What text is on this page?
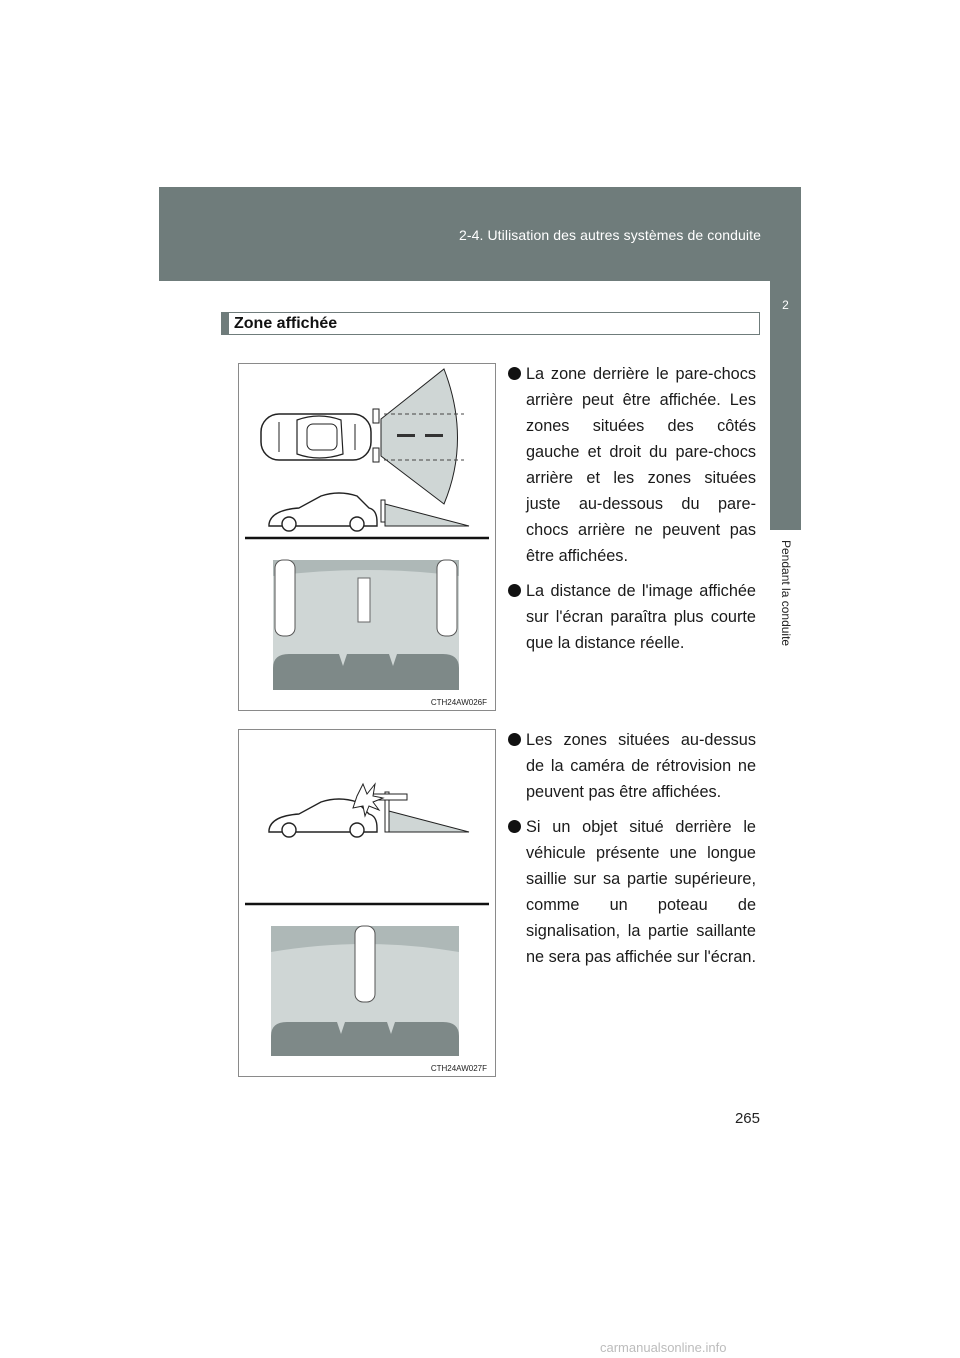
2-4. Utilisation des autres systèmes de conduite
2
Pendant la conduite
Zone affichée
CTH24AW026F
CTH24AW027F
La zone derrière le pare-chocs arrière peut être affichée. Les zones situées des côtés gauche et droit du pare-chocs arrière et les zones situées juste au-dessous du pare-chocs arrière ne peuvent pas être affichées.
La distance de l'image affichée sur l'écran paraîtra plus courte que la distance réelle.
Les zones situées au-dessus de la caméra de rétrovision ne peuvent pas être affichées.
Si un objet situé derrière le véhicule présente une longue saillie sur sa partie supérieure, comme un poteau de signalisation, la partie saillante ne sera pas affichée sur l'écran.
265
carmanualsonline.info
